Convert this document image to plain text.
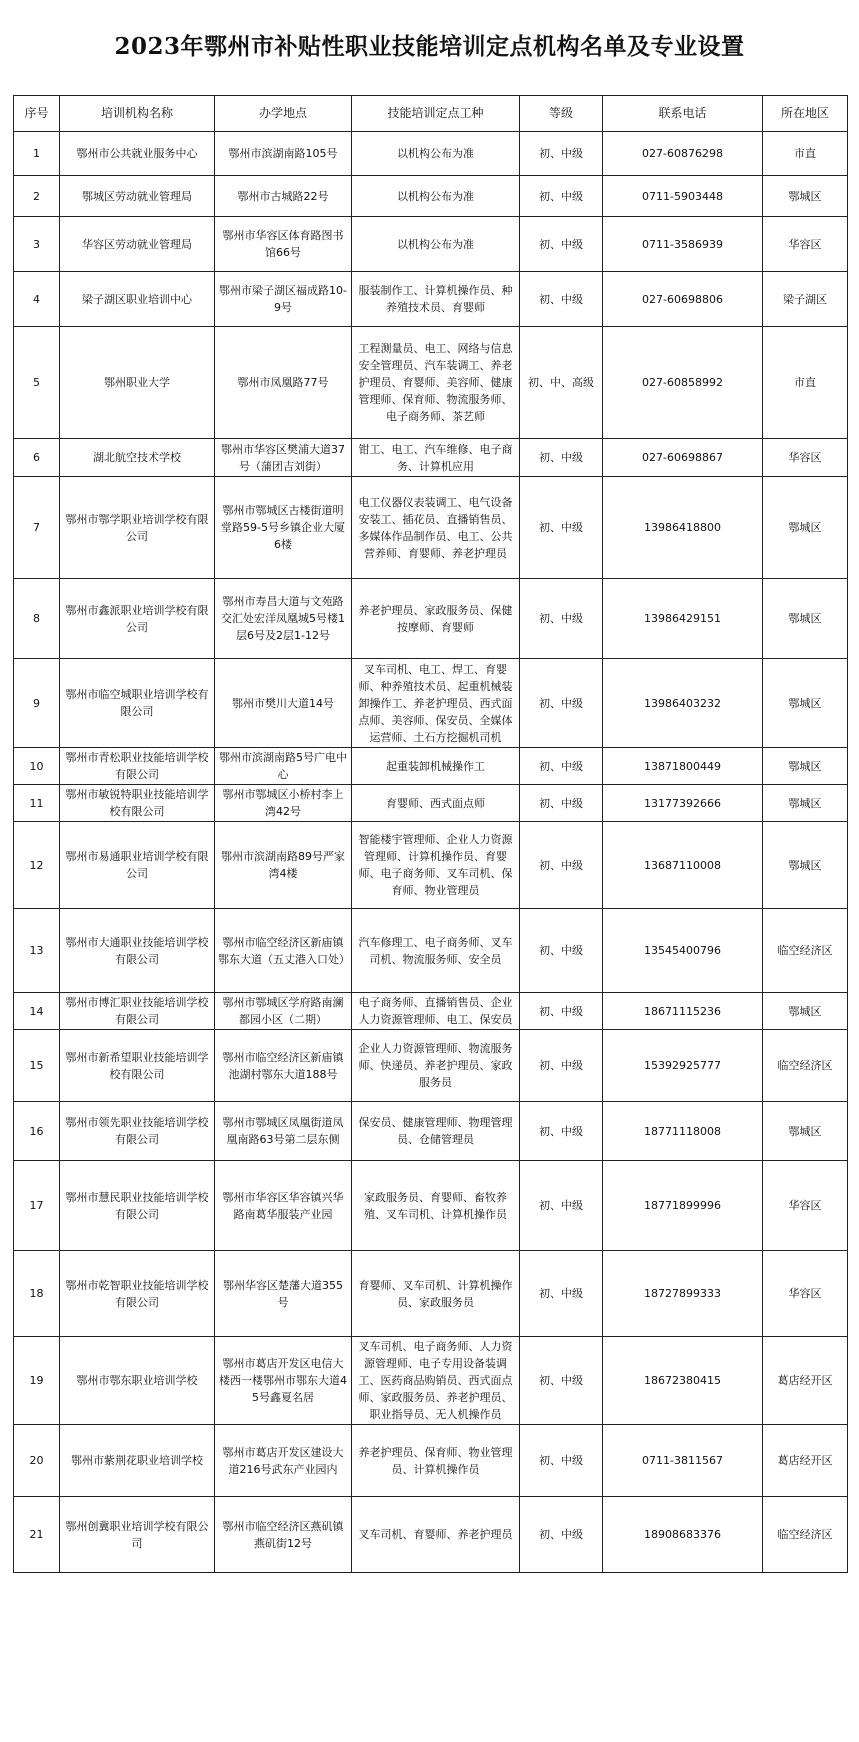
2023年鄂州市补贴性职业技能培训定点机构名单及专业设置
序号	培训机构名称	办学地点	技能培训定点工种	等级	联系电话	所在地区
1	鄂州市公共就业服务中心	鄂州市滨湖南路105号	以机构公布为准	初、中级	027-60876298	市直
2	鄂城区劳动就业管理局	鄂州市古城路22号	以机构公布为准	初、中级	0711-5903448	鄂城区
3	华容区劳动就业管理局	鄂州市华容区体育路图书馆66号	以机构公布为准	初、中级	0711-3586939	华容区
4	梁子湖区职业培训中心	鄂州市梁子湖区福成路10-9号	服装制作工、计算机操作员、种养殖技术员、育婴师	初、中级	027-60698806	梁子湖区
5	鄂州职业大学	鄂州市凤凰路77号	工程测量员、电工、网络与信息安全管理员、汽车装调工、养老护理员、育婴师、美容师、健康管理师、保育师、物流服务师、电子商务师、茶艺师	初、中、高级	027-60858992	市直
6	湖北航空技术学校	鄂州市华容区樊浦大道37号（蒲团吉刘街）	钳工、电工、汽车维修、电子商务、计算机应用	初、中级	027-60698867	华容区
7	鄂州市鄂学职业培训学校有限公司	鄂州市鄂城区古楼街道明堂路59-5号乡镇企业大厦6楼	电工仪器仪表装调工、电气设备安装工、插花员、直播销售员、多媒体作品制作员、电工、公共营养师、育婴师、养老护理员	初、中级	13986418800	鄂城区
8	鄂州市鑫派职业培训学校有限公司	鄂州市寿昌大道与文苑路交汇处宏洋凤凰城5号楼1层6号及2层1-12号	养老护理员、家政服务员、保健按摩师、育婴师	初、中级	13986429151	鄂城区
9	鄂州市临空城职业培训学校有限公司	鄂州市樊川大道14号	叉车司机、电工、焊工、育婴师、种养殖技术员、起重机械装卸操作工、养老护理员、西式面点师、美容师、保安员、全媒体运营师、土石方挖掘机司机	初、中级	13986403232	鄂城区
10	鄂州市青松职业技能培训学校有限公司	鄂州市滨湖南路5号广电中心	起重装卸机械操作工	初、中级	13871800449	鄂城区
11	鄂州市敏锐特职业技能培训学校有限公司	鄂州市鄂城区小桥村李上湾42号	育婴师、西式面点师	初、中级	13177392666	鄂城区
12	鄂州市易通职业培训学校有限公司	鄂州市滨湖南路89号严家湾4楼	智能楼宇管理师、企业人力资源管理师、计算机操作员、育婴师、电子商务师、叉车司机、保育师、物业管理员	初、中级	13687110008	鄂城区
13	鄂州市大通职业技能培训学校有限公司	鄂州市临空经济区新庙镇鄂东大道（五丈港入口处）	汽车修理工、电子商务师、叉车司机、物流服务师、安全员	初、中级	13545400796	临空经济区
14	鄂州市博汇职业技能培训学校有限公司	鄂州市鄂城区学府路南澜都园小区（二期）	电子商务师、直播销售员、企业人力资源管理师、电工、保安员	初、中级	18671115236	鄂城区
15	鄂州市新希望职业技能培训学校有限公司	鄂州市临空经济区新庙镇池湖村鄂东大道188号	企业人力资源管理师、物流服务师、快递员、养老护理员、家政服务员	初、中级	15392925777	临空经济区
16	鄂州市领先职业技能培训学校有限公司	鄂州市鄂城区凤凰街道凤凰南路63号第二层东侧	保安员、健康管理师、物理管理员、仓储管理员	初、中级	18771118008	鄂城区
17	鄂州市慧民职业技能培训学校有限公司	鄂州市华容区华容镇兴华路南葛华服装产业园	家政服务员、育婴师、畜牧养殖、叉车司机、计算机操作员	初、中级	18771899996	华容区
18	鄂州市乾智职业技能培训学校有限公司	鄂州华容区楚藩大道355号	育婴师、叉车司机、计算机操作员、家政服务员	初、中级	18727899333	华容区
19	鄂州市鄂东职业培训学校	鄂州市葛店开发区电信大楼西一楼鄂州市鄂东大道45号鑫夏名居	叉车司机、电子商务师、人力资源管理师、电子专用设备装调工、医药商品购销员、西式面点师、家政服务员、养老护理员、职业指导员、无人机操作员	初、中级	18672380415	葛店经开区
20	鄂州市紫荆花职业培训学校	鄂州市葛店开发区建设大道216号武东产业园内	养老护理员、保育师、物业管理员、计算机操作员	初、中级	0711-3811567	葛店经开区
21	鄂州创冀职业培训学校有限公司	鄂州市临空经济区燕矶镇燕矶街12号	叉车司机、育婴师、养老护理员	初、中级	18908683376	临空经济区
